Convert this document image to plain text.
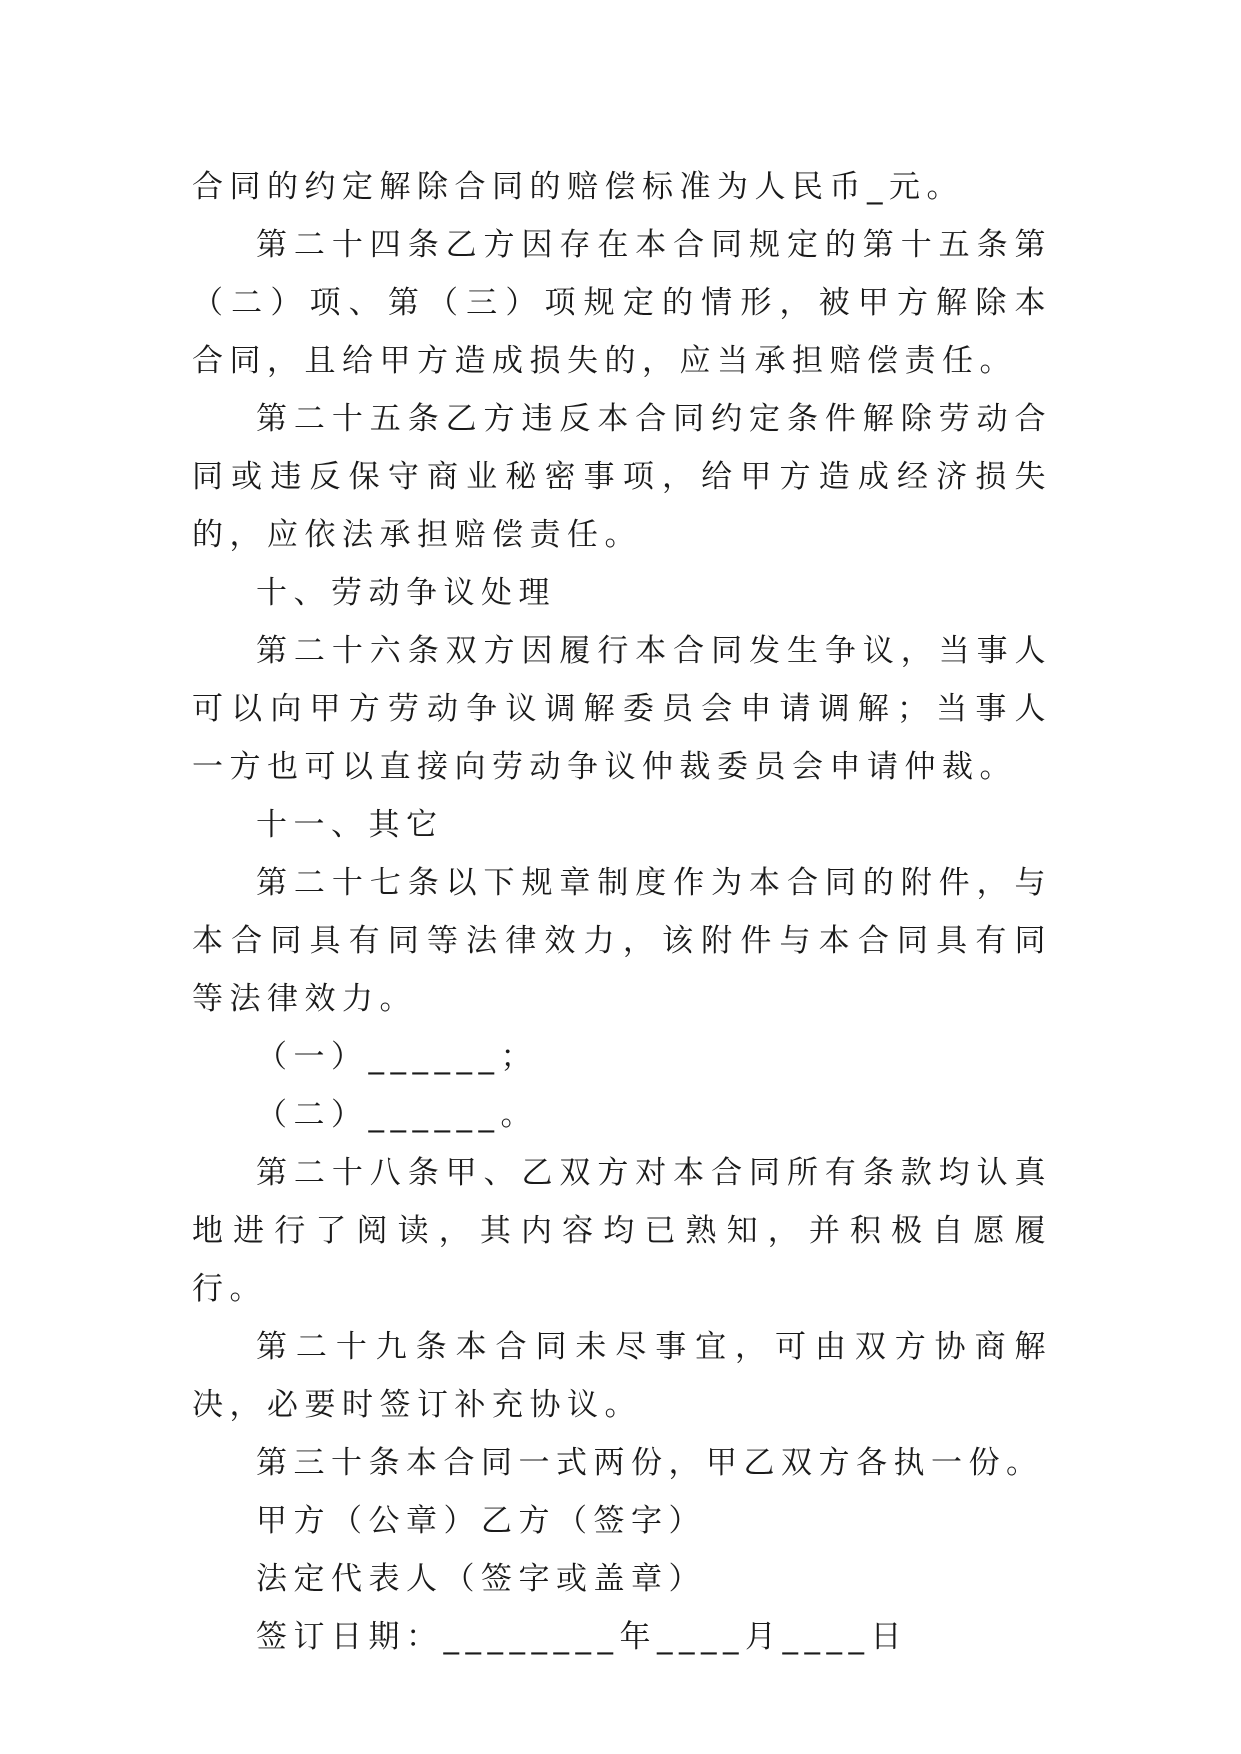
合同的约定解除合同的赔偿标准为人民币_元。

第二十四条乙方因存在本合同规定的第十五条第（二）项、第（三）项规定的情形，被甲方解除本合同，且给甲方造成损失的，应当承担赔偿责任。

第二十五条乙方违反本合同约定条件解除劳动合同或违反保守商业秘密事项，给甲方造成经济损失的，应依法承担赔偿责任。

十、劳动争议处理

第二十六条双方因履行本合同发生争议，当事人可以向甲方劳动争议调解委员会申请调解；当事人一方也可以直接向劳动争议仲裁委员会申请仲裁。

十一、其它

第二十七条以下规章制度作为本合同的附件，与本合同具有同等法律效力，该附件与本合同具有同等法律效力。

（一）______；

（二）______。

第二十八条甲、乙双方对本合同所有条款均认真地进行了阅读，其内容均已熟知，并积极自愿履行。

第二十九条本合同未尽事宜，可由双方协商解决，必要时签订补充协议。

第三十条本合同一式两份，甲乙双方各执一份。

甲方（公章）乙方（签字）

法定代表人（签字或盖章）

签订日期：________年____月____日
